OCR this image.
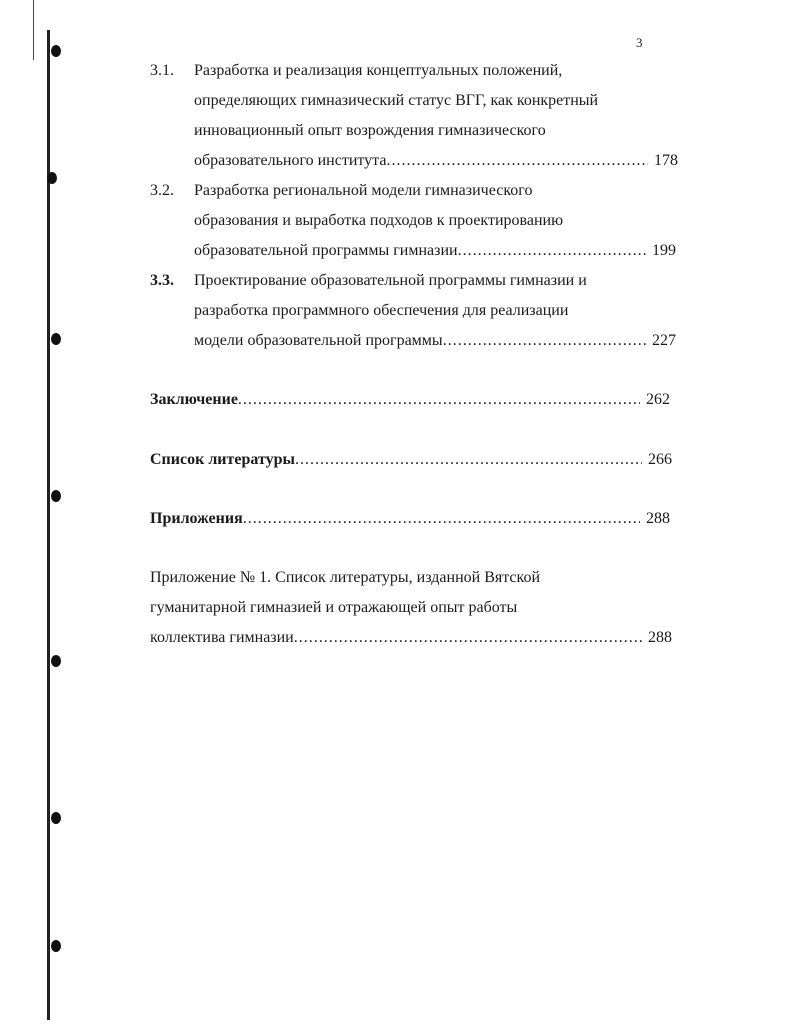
3
3.1. Разработка и реализация концептуальных положений,
определяющих гимназический статус ВГГ, как конкретный
инновационный опыт возрождения гимназического
образовательного института .....	178
3.2. Разработка региональной модели гимназического
образования и выработка подходов к проектированию
образовательной программы гимназии .....	199
3.3. Проектирование образовательной программы гимназии и
разработка программного обеспечения для реализации
модели образовательной программы .....	227
Заключение .....	262
Список литературы .....	266
Приложения .....	288
Приложение № 1. Список литературы, изданной Вятской
гуманитарной гимназией и отражающей опыт работы
коллектива гимназии .....	288
